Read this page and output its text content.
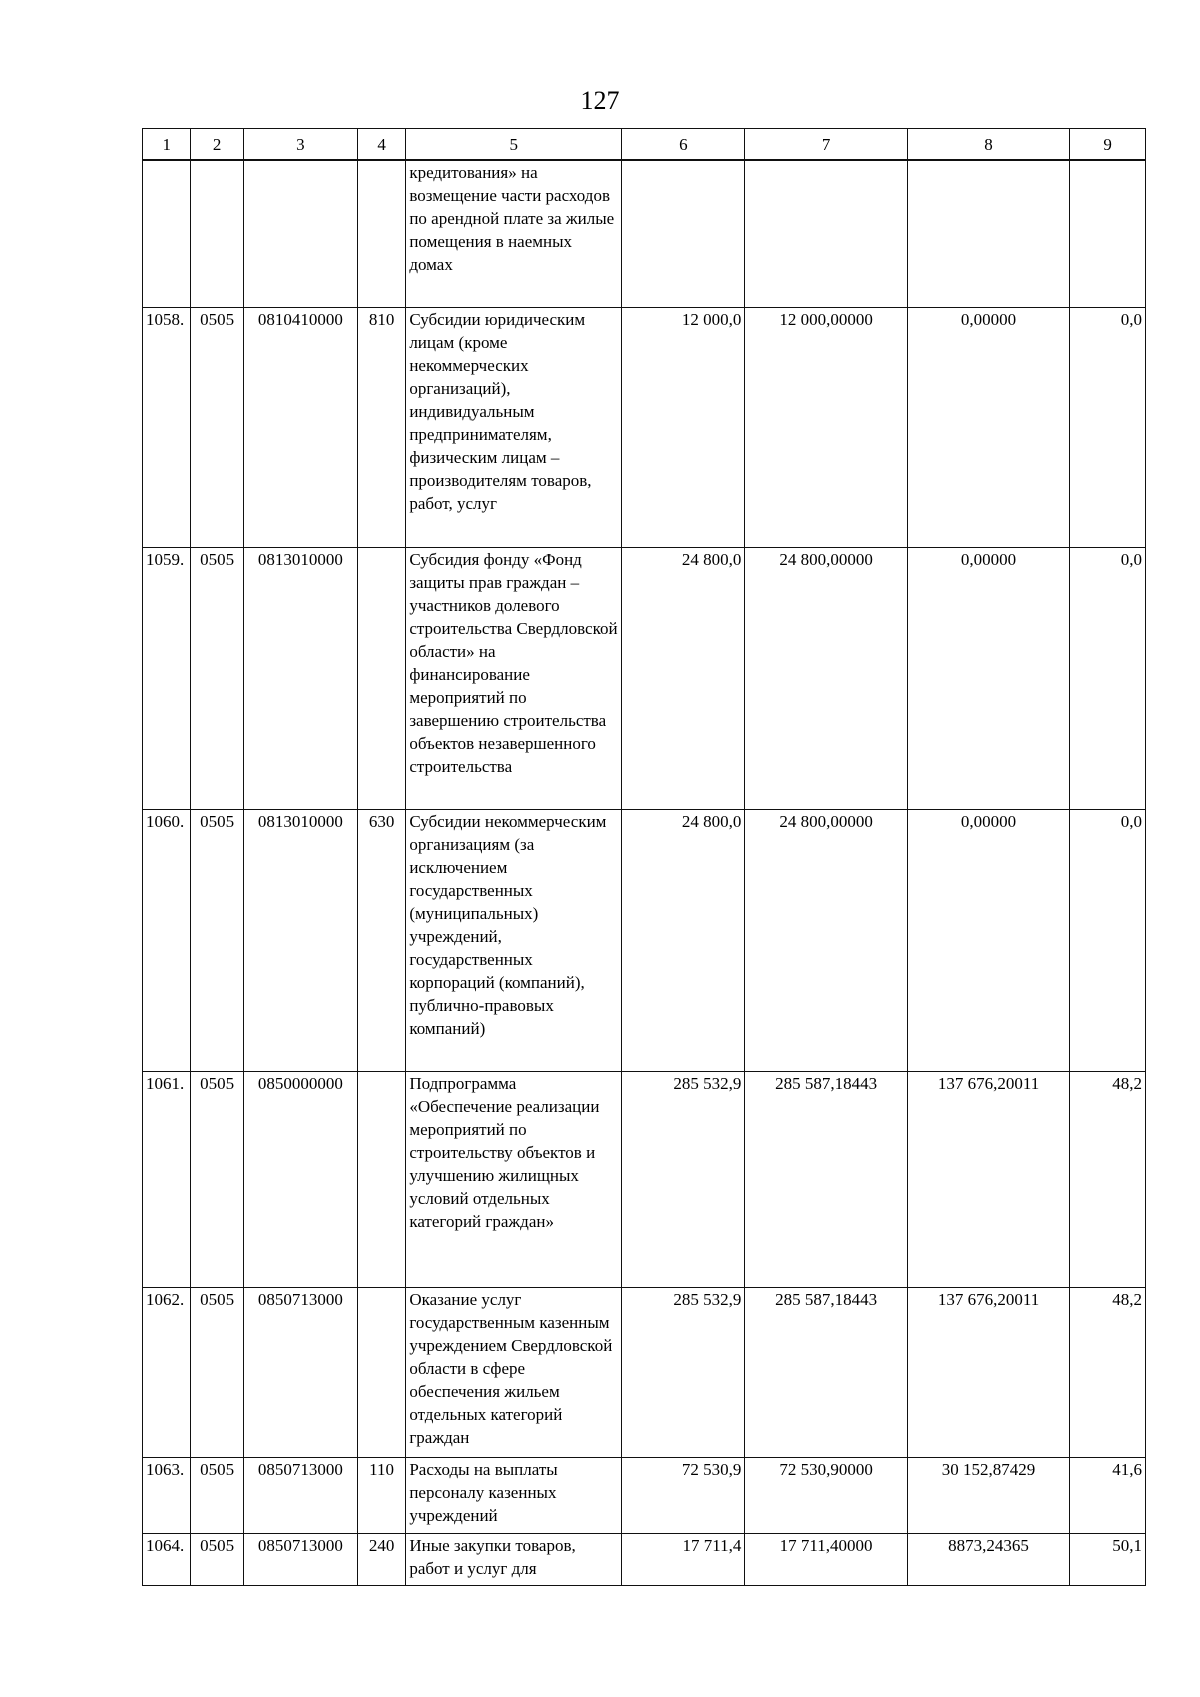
127
1	2	3	4	5	6	7	8	9
				кредитования» на возмещение части расходов по арендной плате за жилые помещения в наемных домах				
1058.	0505	0810410000	810	Субсидии юридическим лицам (кроме некоммерческих организаций), индивидуальным предпринимателям, физическим лицам – производителям товаров, работ, услуг	12 000,0	12 000,00000	0,00000	0,0
1059.	0505	0813010000		Субсидия фонду «Фонд защиты прав граждан – участников долевого строительства Свердловской области» на финансирование мероприятий по завершению строительства объектов незавершенного строительства	24 800,0	24 800,00000	0,00000	0,0
1060.	0505	0813010000	630	Субсидии некоммерческим организациям (за исключением государственных (муниципальных) учреждений, государственных корпораций (компаний), публично-правовых компаний)	24 800,0	24 800,00000	0,00000	0,0
1061.	0505	0850000000		Подпрограмма «Обеспечение реализации мероприятий по строительству объектов и улучшению жилищных условий отдельных категорий граждан»	285 532,9	285 587,18443	137 676,20011	48,2
1062.	0505	0850713000		Оказание услуг государственным казенным учреждением Свердловской области в сфере обеспечения жильем отдельных категорий граждан	285 532,9	285 587,18443	137 676,20011	48,2
1063.	0505	0850713000	110	Расходы на выплаты персоналу казенных учреждений	72 530,9	72 530,90000	30 152,87429	41,6
1064.	0505	0850713000	240	Иные закупки товаров, работ и услуг для	17 711,4	17 711,40000	8873,24365	50,1
